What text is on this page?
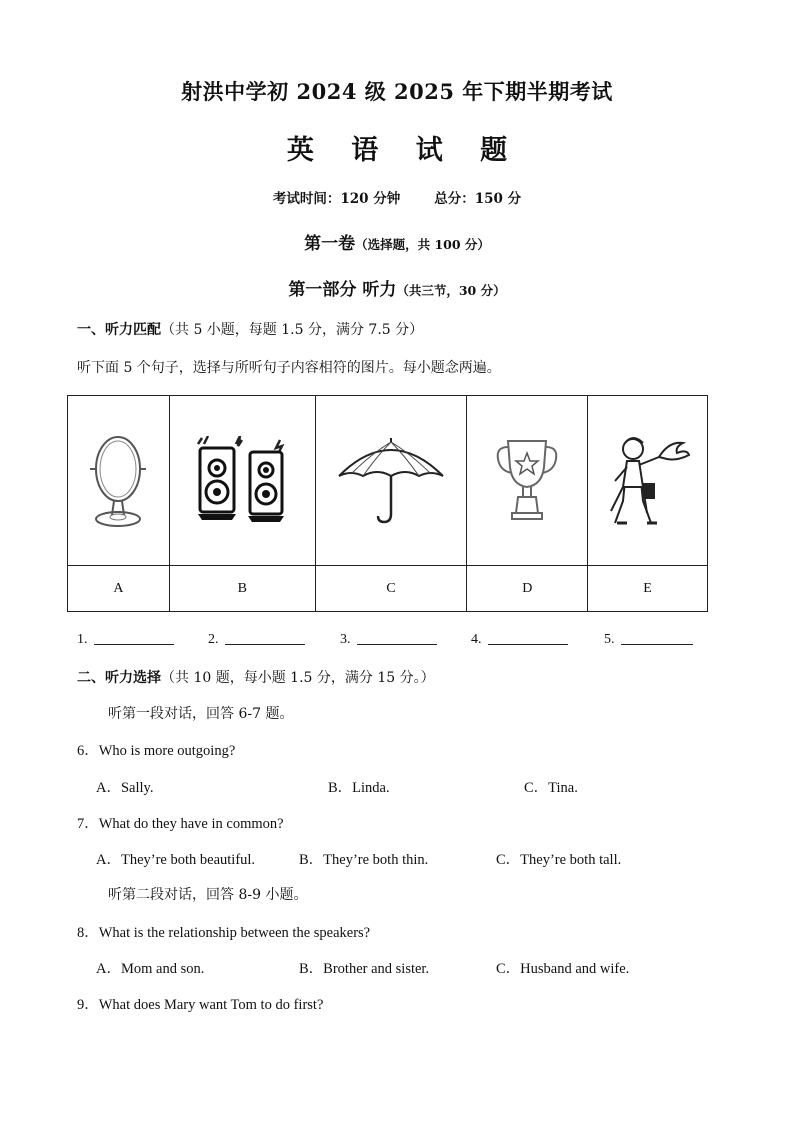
射洪中学初 2024 级 2025 年下期半期考试
英 语 试 题
考试时间：120 分钟	总分：150 分
第一卷（选择题，共 100 分）
第一部分 听力（共三节，30 分）
一、听力匹配（共 5 小题，每题 1.5 分，满分 7.5 分）
听下面 5 个句子，选择与所听句子内容相符的图片。每小题念两遍。

A	B	C	D	E
1.	2.	3.	4.	5.
二、听力选择（共 10 题，每小题 1.5 分，满分 15 分。）
听第一段对话，回答 6-7 题。
6．Who is more outgoing?
A．Sally.	B．Linda.	C．Tina.
7．What do they have in common?
A．They’re both beautiful.	B．They’re both thin.	C．They’re both tall.
听第二段对话，回答 8-9 小题。
8．What is the relationship between the speakers?
A．Mom and son.	B．Brother and sister.	C．Husband and wife.
9．What does Mary want Tom to do first?
